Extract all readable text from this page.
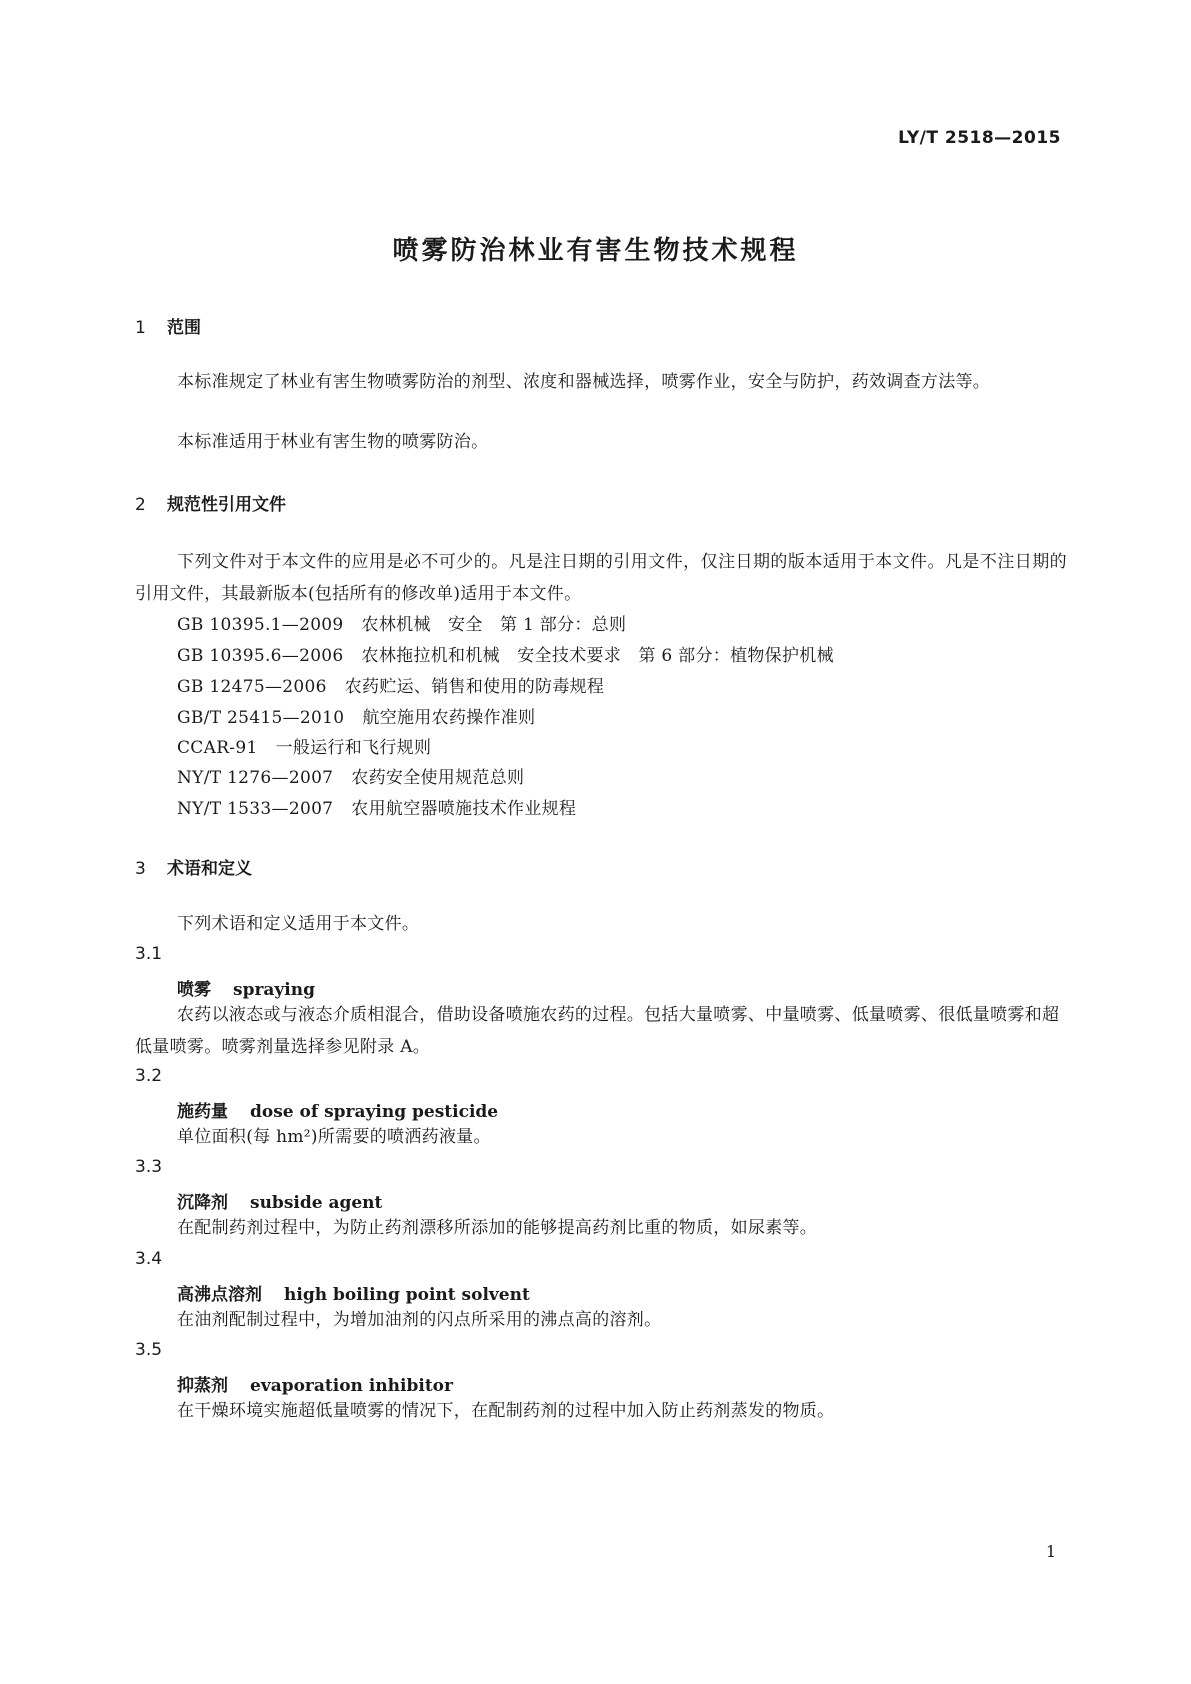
LY/T 2518—2015
喷雾防治林业有害生物技术规程
1 范围
本标准规定了林业有害生物喷雾防治的剂型、浓度和器械选择，喷雾作业，安全与防护，药效调查方法等。
本标准适用于林业有害生物的喷雾防治。
2 规范性引用文件
下列文件对于本文件的应用是必不可少的。凡是注日期的引用文件，仅注日期的版本适用于本文件。凡是不注日期的引用文件，其最新版本(包括所有的修改单)适用于本文件。
GB 10395.1—2009 农林机械　安全　第 1 部分：总则
GB 10395.6—2006 农林拖拉机和机械　安全技术要求　第 6 部分：植物保护机械
GB 12475—2006 农药贮运、销售和使用的防毒规程
GB/T 25415—2010 航空施用农药操作准则
CCAR-91 一般运行和飞行规则
NY/T 1276—2007 农药安全使用规范总则
NY/T 1533—2007 农用航空器喷施技术作业规程
3 术语和定义
下列术语和定义适用于本文件。
3.1
喷雾 spraying
农药以液态或与液态介质相混合，借助设备喷施农药的过程。包括大量喷雾、中量喷雾、低量喷雾、很低量喷雾和超低量喷雾。喷雾剂量选择参见附录 A。
3.2
施药量 dose of spraying pesticide
单位面积(每 hm²)所需要的喷洒药液量。
3.3
沉降剂 subside agent
在配制药剂过程中，为防止药剂漂移所添加的能够提高药剂比重的物质，如尿素等。
3.4
高沸点溶剂 high boiling point solvent
在油剂配制过程中，为增加油剂的闪点所采用的沸点高的溶剂。
3.5
抑蒸剂 evaporation inhibitor
在干燥环境实施超低量喷雾的情况下，在配制药剂的过程中加入防止药剂蒸发的物质。
1
